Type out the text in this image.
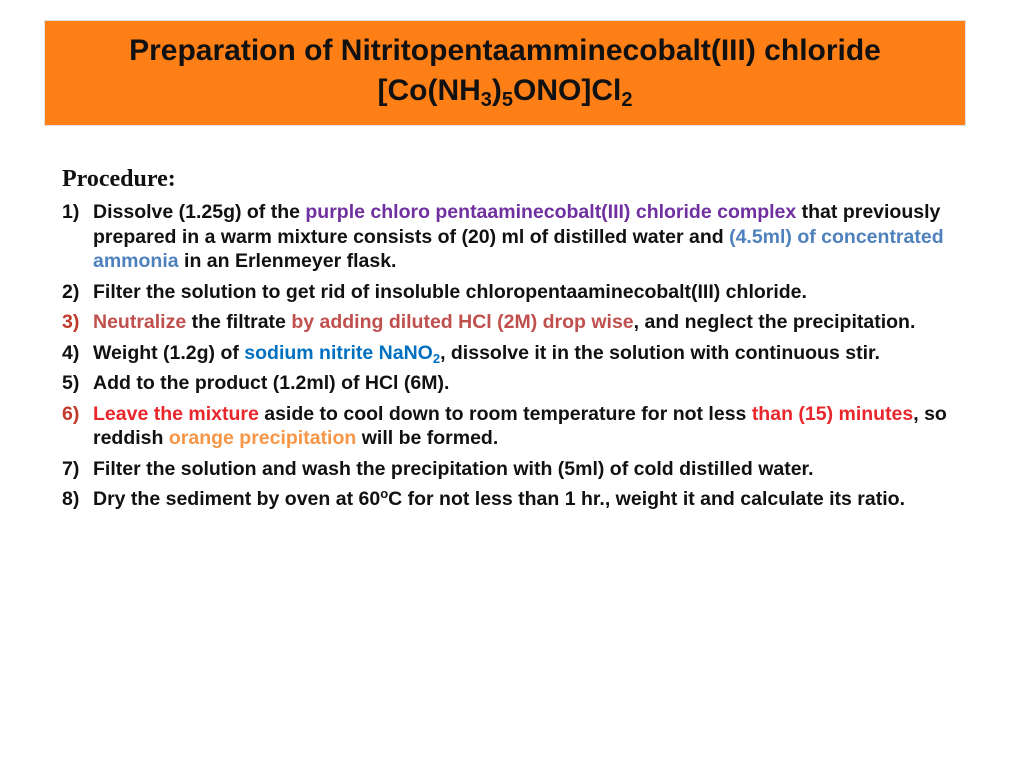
Preparation of Nitritopentaamminecobalt(III) chloride
$[Co(NH_3)_5ONO]Cl_2$
Procedure:
1) Dissolve (1.25g) of the purple chloro pentaaminecobalt(III) chloride complex that previously prepared in a warm mixture consists of (20) ml of distilled water and (4.5ml) of concentrated ammonia in an Erlenmeyer flask.
2) Filter the solution to get rid of insoluble chloropentaaminecobalt(III) chloride.
3) Neutralize the filtrate by adding diluted HCl (2M) drop wise, and neglect the precipitation.
4) Weight (1.2g) of sodium nitrite NaNO$_2$, dissolve it in the solution with continuous stir.
5) Add to the product (1.2ml) of HCl (6M).
6) Leave the mixture aside to cool down to room temperature for not less than (15) minutes, so reddish orange precipitation will be formed.
7) Filter the solution and wash the precipitation with (5ml) of cold distilled water.
8) Dry the sediment by oven at 60$^o$C for not less than 1 hr., weight it and calculate its ratio.
